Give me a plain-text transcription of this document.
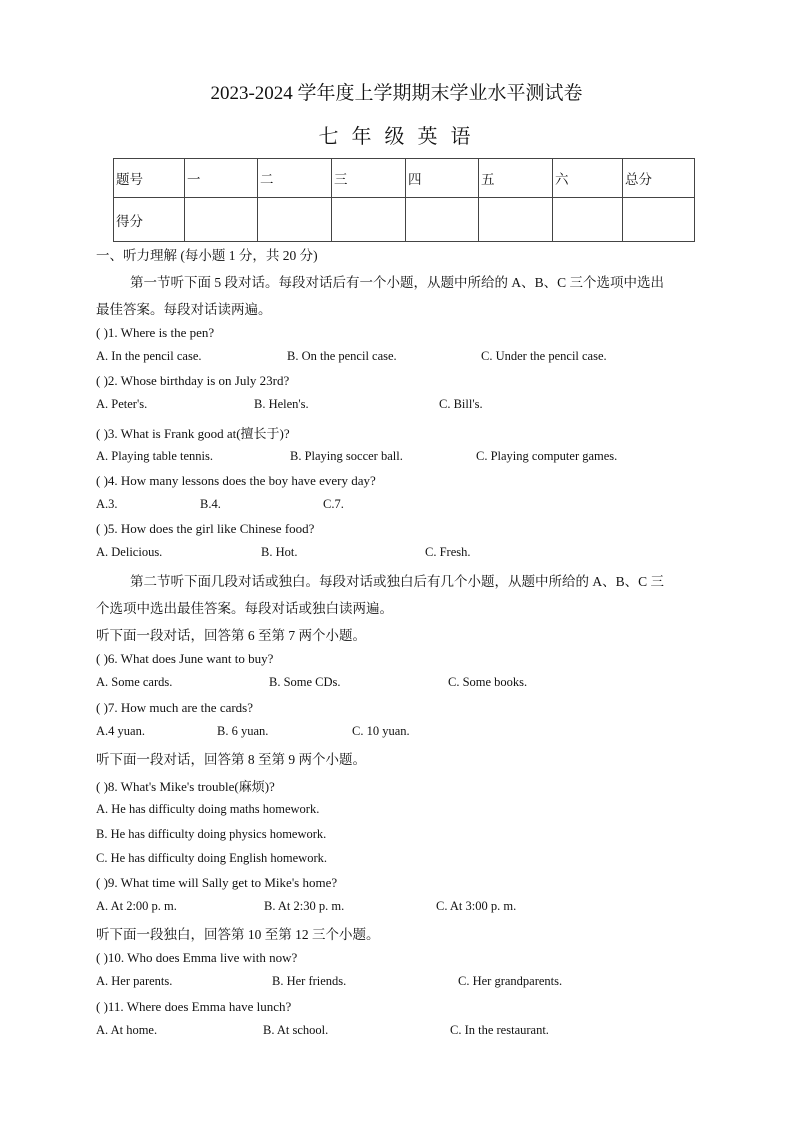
2023-2024 学年度上学期期末学业水平测试卷
七 年 级 英 语
题号	一	二	三	四	五	六	总分
得分							
一、听力理解 (每小题 1 分，共 20 分)
第一节听下面 5 段对话。每段对话后有一个小题，从题中所给的 A、B、C 三个选项中选出
最佳答案。每段对话读两遍。
( )1. Where is the pen?
A. In the pencil case.	B. On the pencil case.	C. Under the pencil case.
( )2. Whose birthday is on July 23rd?
A. Peter's.	B. Helen's.	C. Bill's.
( )3. What is Frank good at(擅长于)?
A. Playing table tennis.	B. Playing soccer ball.	C. Playing computer games.
( )4. How many lessons does the boy have every day?
A.3.	B.4.	C.7.
( )5. How does the girl like Chinese food?
A. Delicious.	B. Hot.	C. Fresh.
第二节听下面几段对话或独白。每段对话或独白后有几个小题，从题中所给的 A、B、C 三
个选项中选出最佳答案。每段对话或独白读两遍。
听下面一段对话，回答第 6 至第 7 两个小题。
( )6. What does June want to buy?
A. Some cards.	B. Some CDs.	C. Some books.
( )7. How much are the cards?
A.4 yuan.	B. 6 yuan.	C. 10 yuan.
听下面一段对话，回答第 8 至第 9 两个小题。
( )8. What's Mike's trouble(麻烦)?
A. He has difficulty doing maths homework.
B. He has difficulty doing physics homework.
C. He has difficulty doing English homework.
( )9. What time will Sally get to Mike's home?
A. At 2:00 p. m.	B. At 2:30 p. m.	C. At 3:00 p. m.
听下面一段独白，回答第 10 至第 12 三个小题。
( )10. Who does Emma live with now?
A. Her parents.	B. Her friends.	C. Her grandparents.
( )11. Where does Emma have lunch?
A. At home.	B. At school.	C. In the restaurant.
